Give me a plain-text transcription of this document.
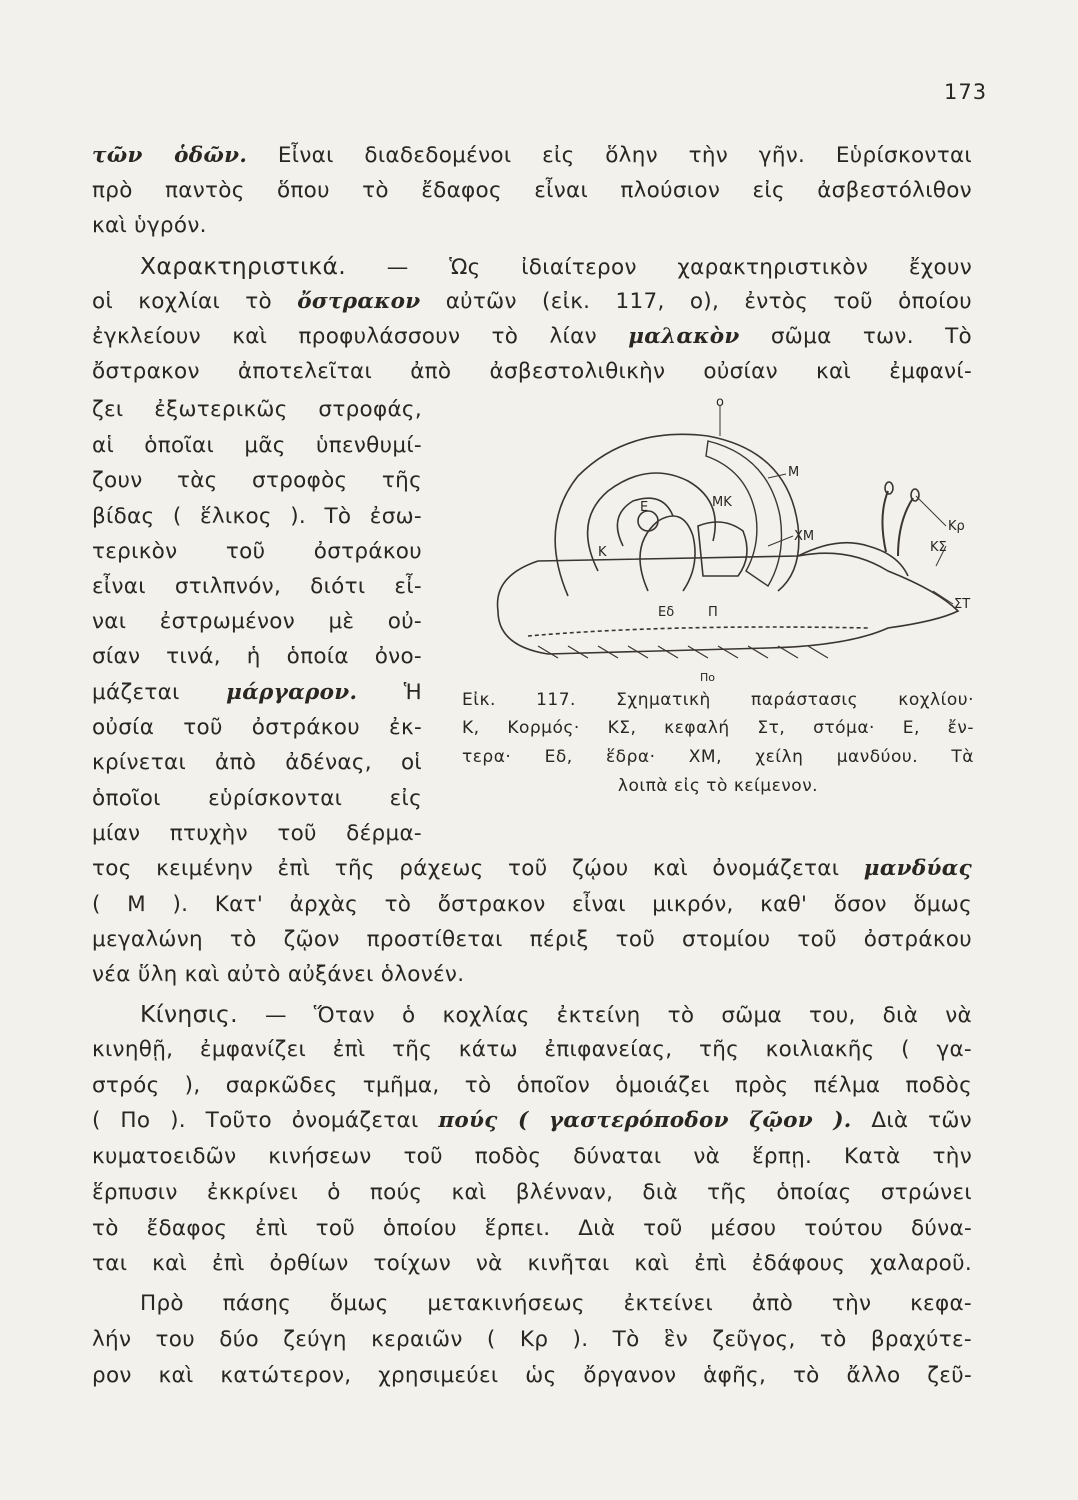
173
τῶν ὁδῶν. Εἶναι διαδεδομένοι εἰς ὅλην τὴν γῆν. Εὑρίσκονται
πρὸ παντὸς ὅπου τὸ ἔδαφος εἶναι πλούσιον εἰς ἀσβεστόλιθον
καὶ ὑγρόν.
Χαρακτηριστικά. — Ὡς ἰδιαίτερον χαρακτηριστικὸν ἔχουν
οἱ κοχλίαι τὸ ὄστρακον αὐτῶν (εἰκ. 117, ο), ἐντὸς τοῦ ὁποίου
ἐγκλείουν καὶ προφυλάσσουν τὸ λίαν μαλακὸν σῶμα των. Τὸ
ὄστρακον ἀποτελεῖται ἀπὸ ἀσβεστολιθικὴν οὐσίαν καὶ ἐμφανί-
ζει ἐξωτερικῶς στροφάς,
αἱ ὁποῖαι μᾶς ὑπενθυμί-
ζουν τὰς στροφὸς τῆς
βίδας ( ἕλικος ). Τὸ ἐσω-
τερικὸν τοῦ ὀστράκου
εἶναι στιλπνόν, διότι εἶ-
ναι ἐστρωμένον μὲ οὐ-
σίαν τινά, ἡ ὁποία ὀνο-
μάζεται μάργαρον. Ἡ
οὐσία τοῦ ὀστράκου ἐκ-
κρίνεται ἀπὸ ἀδένας, οἱ
ὁποῖοι εὑρίσκονται εἰς
μίαν πτυχὴν τοῦ δέρμα-
τος κειμένην ἐπὶ τῆς ράχεως τοῦ ζῴου καὶ ὀνομάζεται μανδύας
( Μ ). Κατ' ἀρχὰς τὸ ὄστρακον εἶναι μικρόν, καθ' ὅσον ὅμως
μεγαλώνη τὸ ζῷον προστίθεται πέριξ τοῦ στομίου τοῦ ὀστράκου
νέα ὕλη καὶ αὐτὸ αὐξάνει ὁλονέν.
ο
Μ
ΜΚ
Ε
Κ
ΧΜ
Κρ
ΚΣ
ΣΤ
Εδ	Π
Πο
Εἰκ. 117. Σχηματικὴ παράστασις κοχλίου·
Κ, Κορμός· ΚΣ, κεφαλή Στ, στόμα· Ε, ἔν-
τερα· Εδ, ἕδρα· ΧΜ, χείλη μανδύου. Τὰ
λοιπὰ εἰς τὸ κείμενον.
Κίνησις. — Ὅταν ὁ κοχλίας ἐκτείνη τὸ σῶμα του, διὰ νὰ
κινηθῇ, ἐμφανίζει ἐπὶ τῆς κάτω ἐπιφανείας, τῆς κοιλιακῆς ( γα-
στρός ), σαρκῶδες τμῆμα, τὸ ὁποῖον ὁμοιάζει πρὸς πέλμα ποδὸς
( Πο ). Τοῦτο ὀνομάζεται πούς ( γαστερόποδον ζῷον ). Διὰ τῶν
κυματοειδῶν κινήσεων τοῦ ποδὸς δύναται νὰ ἕρπῃ. Κατὰ τὴν
ἕρπυσιν ἐκκρίνει ὁ πούς καὶ βλένναν, διὰ τῆς ὁποίας στρώνει
τὸ ἔδαφος ἐπὶ τοῦ ὁποίου ἕρπει. Διὰ τοῦ μέσου τούτου δύνα-
ται καὶ ἐπὶ ὀρθίων τοίχων νὰ κινῆται καὶ ἐπὶ ἐδάφους χαλαροῦ.
Πρὸ πάσης ὅμως μετακινήσεως ἐκτείνει ἀπὸ τὴν κεφα-
λήν του δύο ζεύγη κεραιῶν ( Κρ ). Τὸ ἓν ζεῦγος, τὸ βραχύτε-
ρον καὶ κατώτερον, χρησιμεύει ὡς ὄργανον ἁφῆς, τὸ ἄλλο ζεῦ-
